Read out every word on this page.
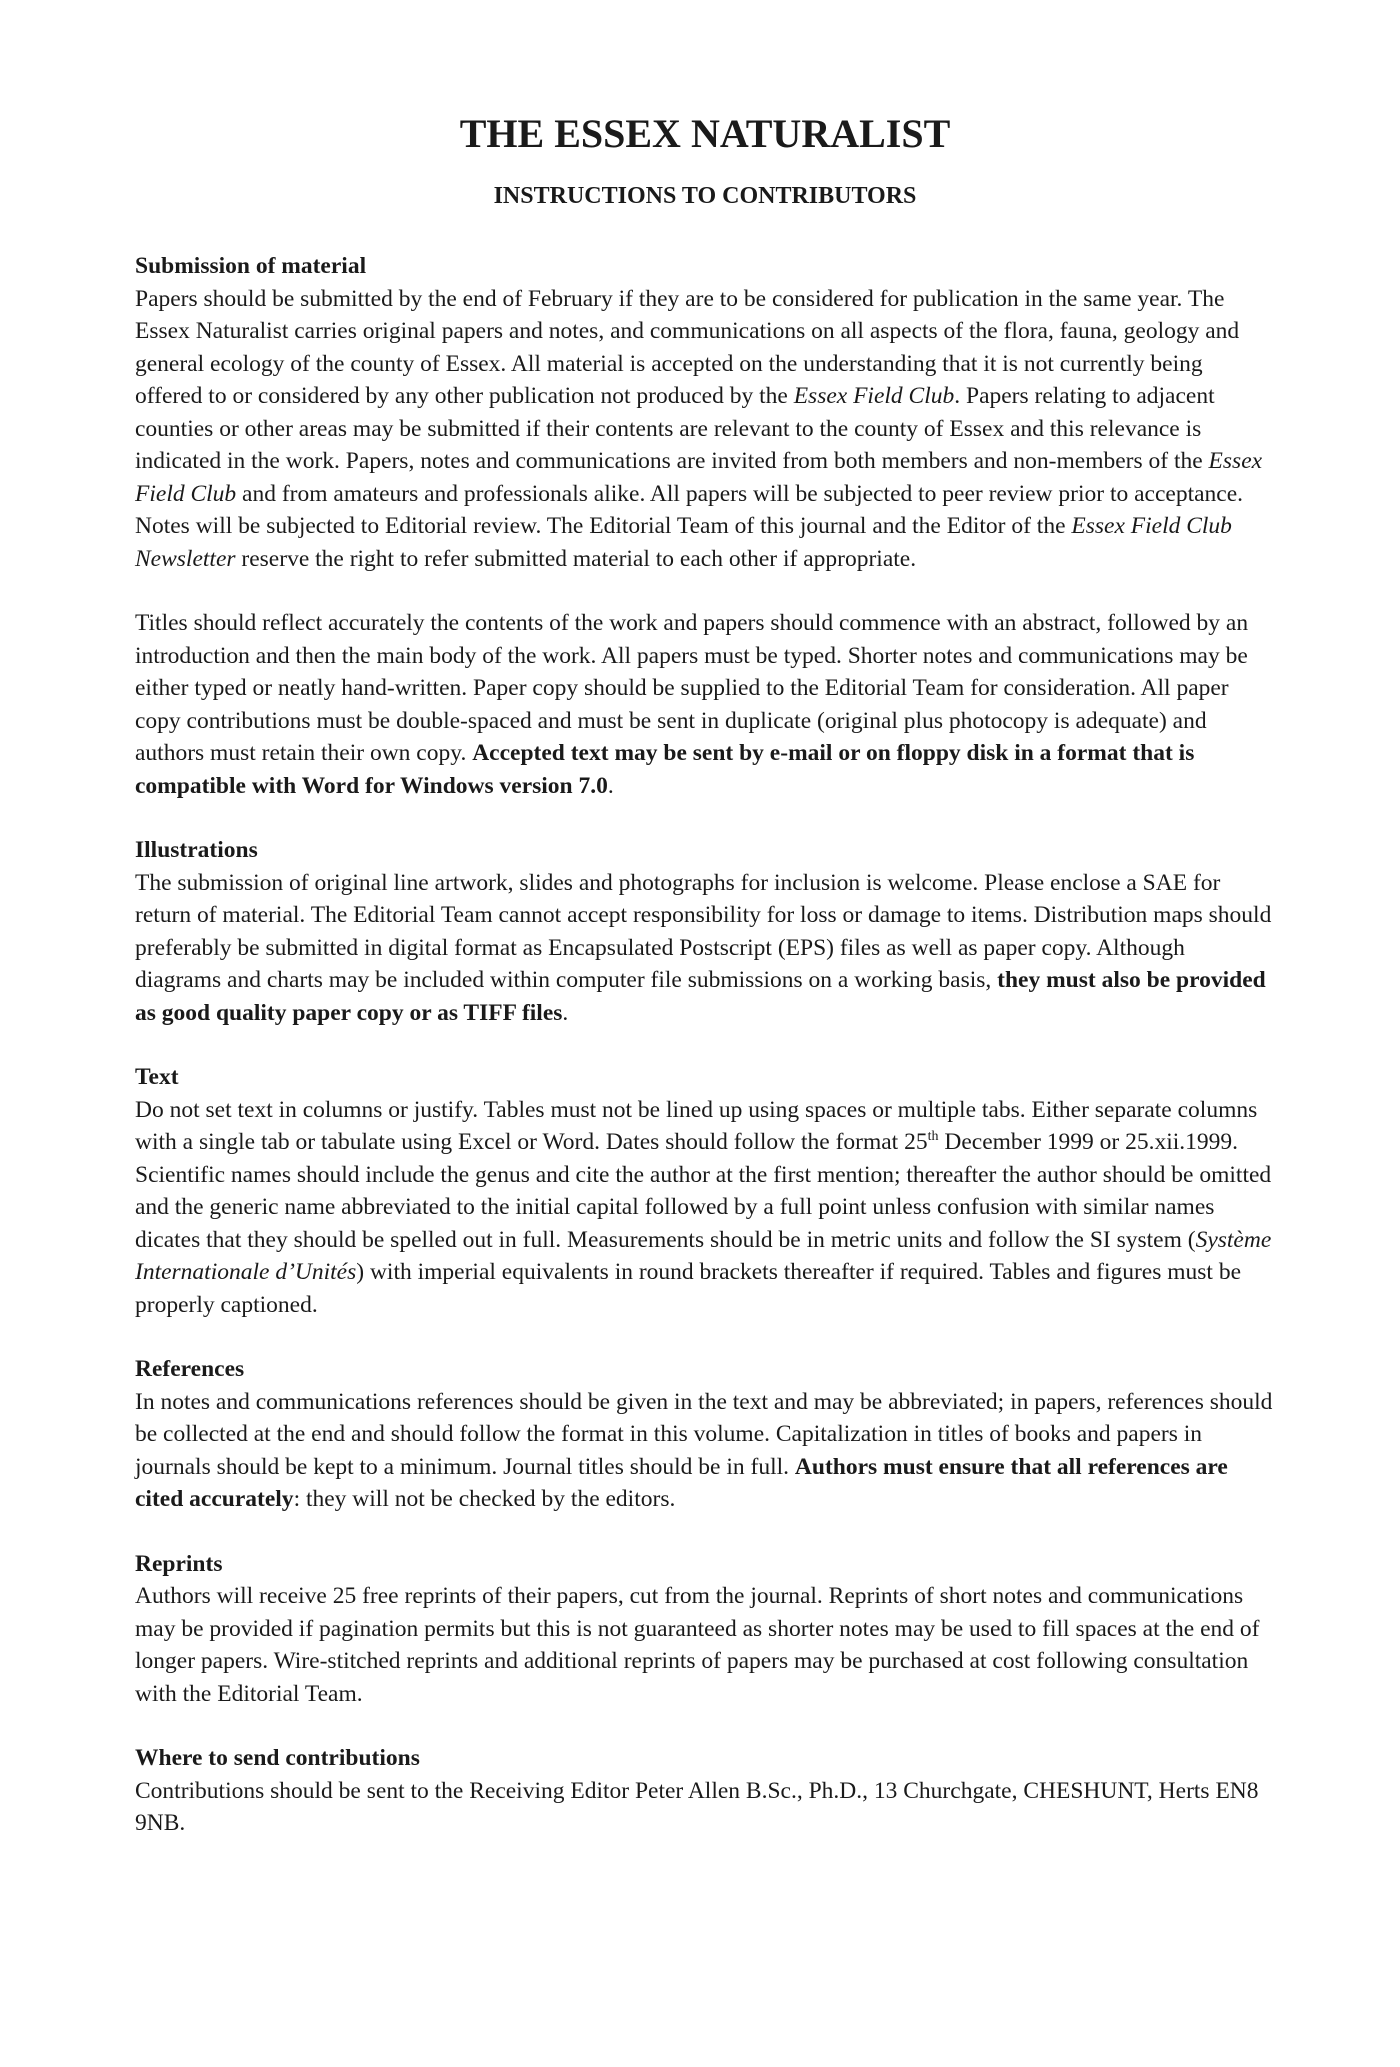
THE ESSEX NATURALIST
INSTRUCTIONS TO CONTRIBUTORS
Submission of material

Papers should be submitted by the end of February if they are to be considered for publication in the same year. The Essex Naturalist carries original papers and notes, and communications on all aspects of the flora, fauna, geology and general ecology of the county of Essex. All material is accepted on the understanding that it is not currently being offered to or considered by any other publication not produced by the Essex Field Club. Papers relating to adjacent counties or other areas may be submitted if their contents are relevant to the county of Essex and this relevance is indicated in the work. Papers, notes and communications are invited from both members and non-members of the Essex Field Club and from amateurs and professionals alike. All papers will be subjected to peer review prior to acceptance. Notes will be subjected to Editorial review. The Editorial Team of this journal and the Editor of the Essex Field Club Newsletter reserve the right to refer submitted material to each other if appropriate.

Titles should reflect accurately the contents of the work and papers should commence with an abstract, followed by an introduction and then the main body of the work. All papers must be typed. Shorter notes and communications may be either typed or neatly hand-written. Paper copy should be supplied to the Editorial Team for consideration. All paper copy contributions must be double-spaced and must be sent in duplicate (original plus photocopy is adequate) and authors must retain their own copy. Accepted text may be sent by e-mail or on floppy disk in a format that is compatible with Word for Windows version 7.0.

Illustrations

The submission of original line artwork, slides and photographs for inclusion is welcome. Please enclose a SAE for return of material. The Editorial Team cannot accept responsibility for loss or damage to items. Distribution maps should preferably be submitted in digital format as Encapsulated Postscript (EPS) files as well as paper copy. Although diagrams and charts may be included within computer file submissions on a working basis, they must also be provided as good quality paper copy or as TIFF files.

Text

Do not set text in columns or justify. Tables must not be lined up using spaces or multiple tabs. Either separate columns with a single tab or tabulate using Excel or Word. Dates should follow the format 25th December 1999 or 25.xii.1999. Scientific names should include the genus and cite the author at the first mention; thereafter the author should be omitted and the generic name abbreviated to the initial capital followed by a full point unless confusion with similar names dicates that they should be spelled out in full. Measurements should be in metric units and follow the SI system (Système Internationale d’Unités) with imperial equivalents in round brackets thereafter if required. Tables and figures must be properly captioned.

References

In notes and communications references should be given in the text and may be abbreviated; in papers, references should be collected at the end and should follow the format in this volume. Capitalization in titles of books and papers in journals should be kept to a minimum. Journal titles should be in full. Authors must ensure that all references are cited accurately: they will not be checked by the editors.

Reprints

Authors will receive 25 free reprints of their papers, cut from the journal. Reprints of short notes and communications may be provided if pagination permits but this is not guaranteed as shorter notes may be used to fill spaces at the end of longer papers. Wire-stitched reprints and additional reprints of papers may be purchased at cost following consultation with the Editorial Team.

Where to send contributions

Contributions should be sent to the Receiving Editor Peter Allen B.Sc., Ph.D., 13 Churchgate, CHESHUNT, Herts EN8 9NB.
